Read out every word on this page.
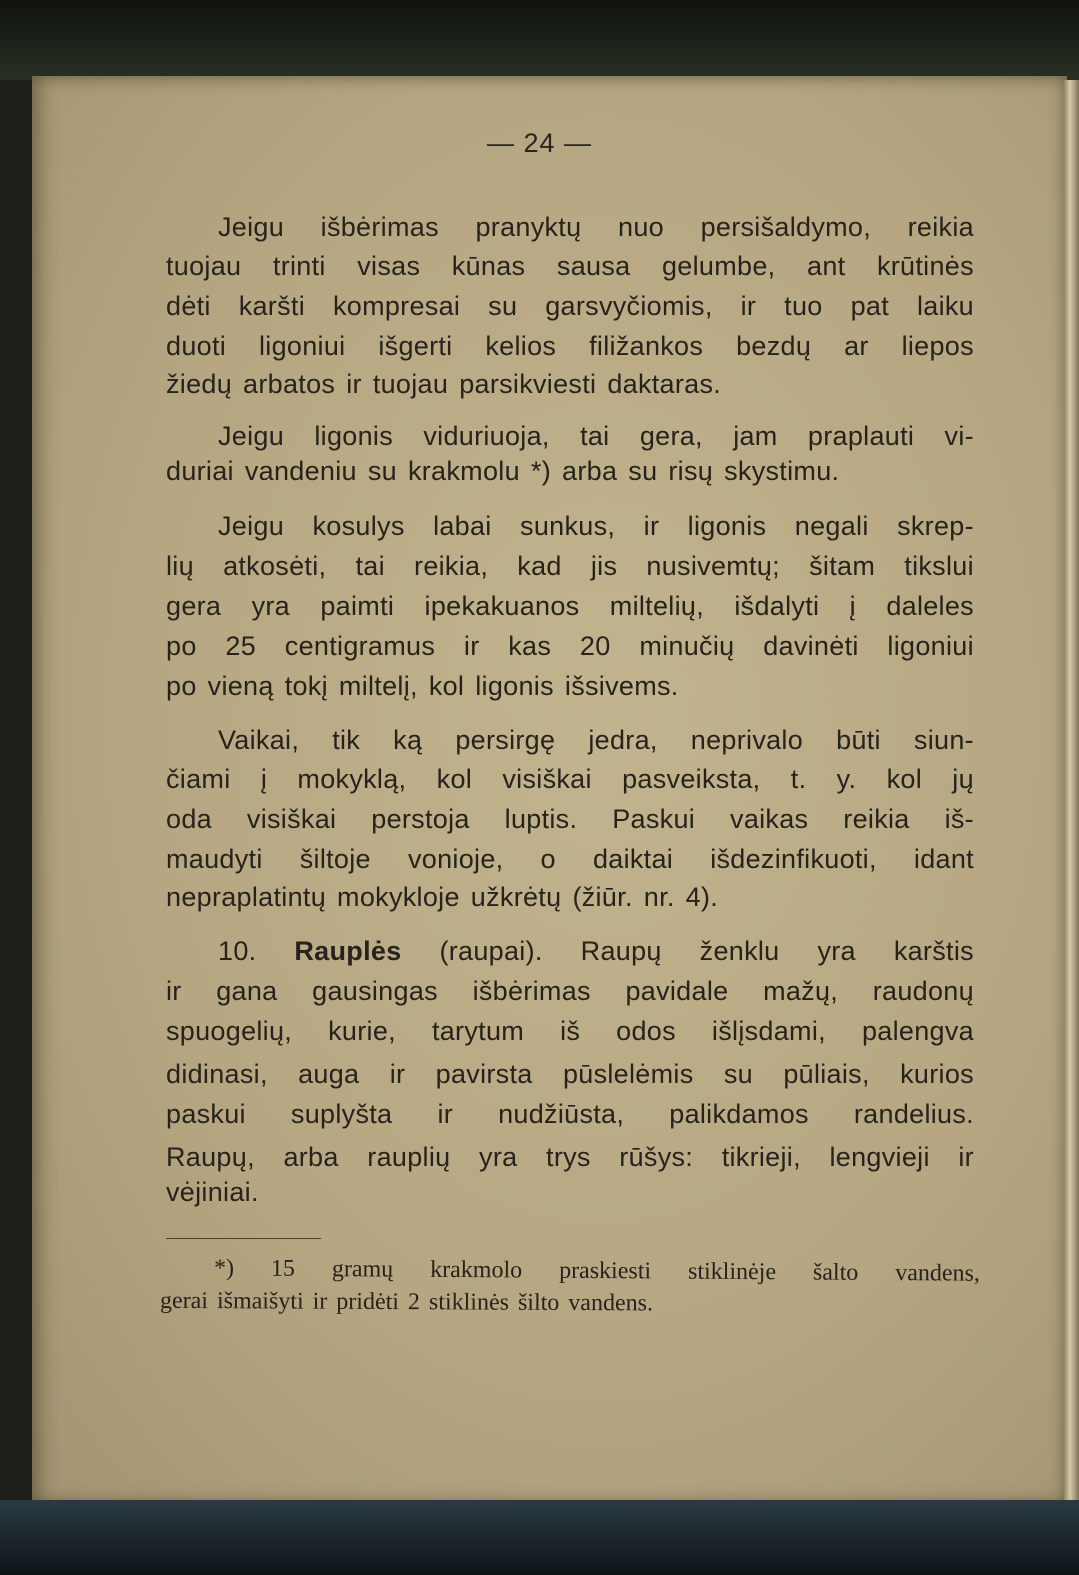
— 24 —
Jeigu išbėrimas pranyktų nuo persišaldymo, reikia
tuojau trinti visas kūnas sausa gelumbe, ant krūtinės
dėti karšti kompresai su garsvyčiomis, ir tuo pat laiku
duoti ligoniui išgerti kelios filižankos bezdų ar liepos
žiedų arbatos ir tuojau parsikviesti daktaras.
Jeigu ligonis viduriuoja, tai gera, jam praplauti vi-
duriai vandeniu su krakmolu *) arba su risų skystimu.
Jeigu kosulys labai sunkus, ir ligonis negali skrep-
lių atkosėti, tai reikia, kad jis nusivemtų; šitam tikslui
gera yra paimti ipekakuanos miltelių, išdalyti į daleles
po 25 centigramus ir kas 20 minučių davinėti ligoniui
po vieną tokį miltelį, kol ligonis išsivems.
Vaikai, tik ką persirgę jedra, neprivalo būti siun-
čiami į mokyklą, kol visiškai pasveiksta, t. y. kol jų
oda visiškai perstoja luptis. Paskui vaikas reikia iš-
maudyti šiltoje vonioje, o daiktai išdezinfikuoti, idant
nepraplatintų mokykloje užkrėtų (žiūr. nr. 4).
10. Rauplės (raupai). Raupų ženklu yra karštis
ir gana gausingas išbėrimas pavidale mažų, raudonų
spuogelių, kurie, tarytum iš odos išlįsdami, palengva
didinasi, auga ir pavirsta pūslelėmis su pūliais, kurios
paskui suplyšta ir nudžiūsta, palikdamos randelius.
Raupų, arba rauplių yra trys rūšys: tikrieji, lengvieji ir
vėjiniai.
*) 15 gramų krakmolo praskiesti stiklinėje šalto vandens,
gerai išmaišyti ir pridėti 2 stiklinės šilto vandens.
